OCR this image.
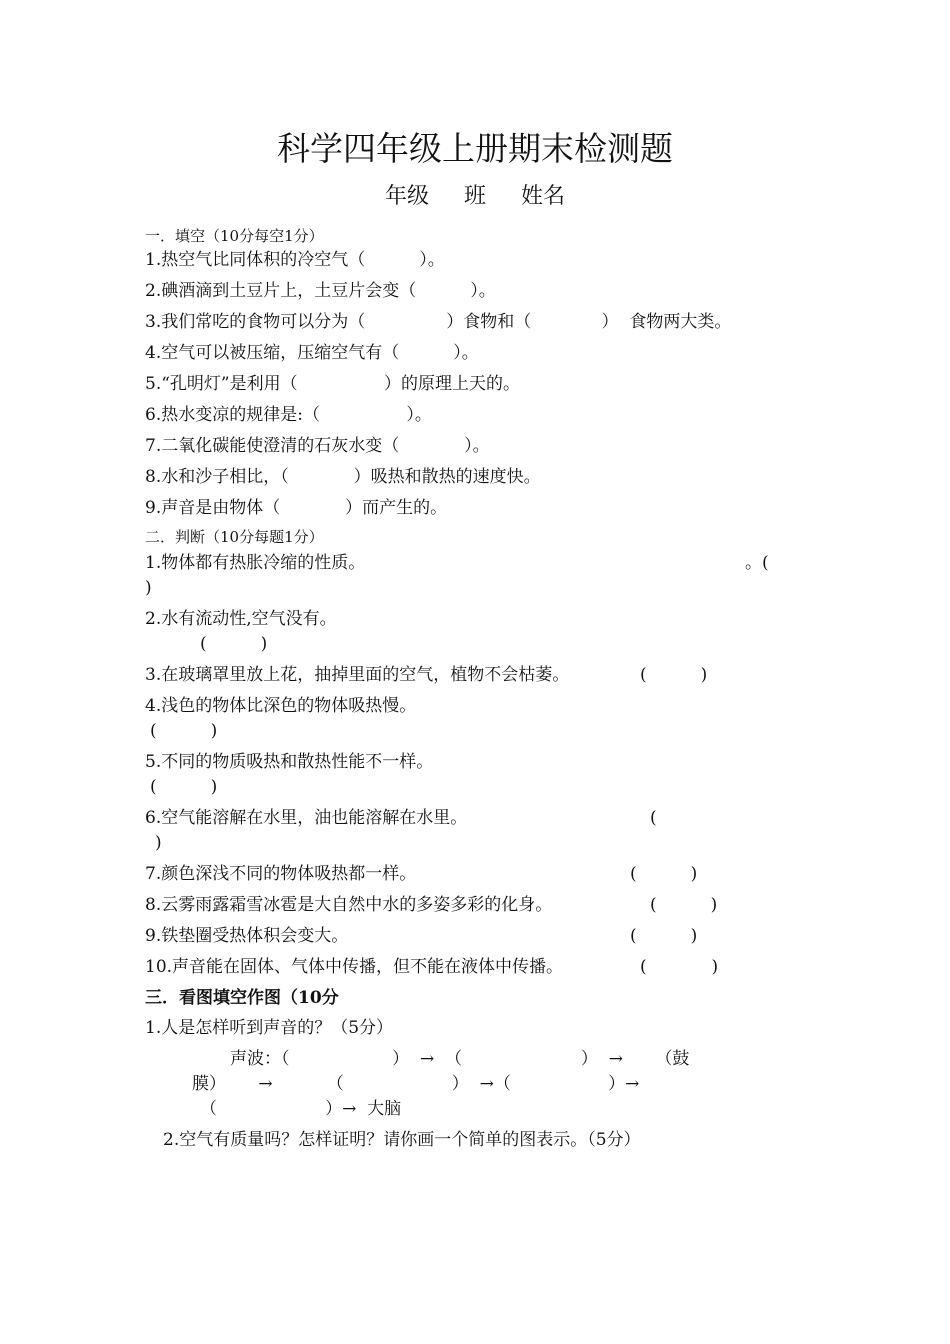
科学四年级上册期末检测题
年级     班     姓名
一．填空（10分每空1分）
1.热空气比同体积的冷空气（          ）。
2.碘酒滴到土豆片上，土豆片会变（          ）。
3.我们常吃的食物可以分为（               ）食物和（             ）  食物两大类。
4.空气可以被压缩，压缩空气有（          ）。
5.“孔明灯”是利用（                ）的原理上天的。
6.热水变凉的规律是:（                ）。
7.二氧化碳能使澄清的石灰水变（            ）。
8.水和沙子相比，（            ）吸热和散热的速度快。
9.声音是由物体（            ）而产生的。
二．判断（10分每题1分）
1.物体都有热胀冷缩的性质。	。(
)
2.水有流动性,空气没有。
(          )
3.在玻璃罩里放上花，抽掉里面的空气，植物不会枯萎。	(          )
4.浅色的物体比深色的物体吸热慢。
(          )
5.不同的物质吸热和散热性能不一样。
(          )
6.空气能溶解在水里，油也能溶解在水里。	(
)
7.颜色深浅不同的物体吸热都一样。	(          )
8.云雾雨露霜雪冰雹是大自然中水的多姿多彩的化身。	(          )
9.铁垫圈受热体积会变大。	(          )
10.声音能在固体、气体中传播，但不能在液体中传播。	(            )
三．看图填空作图（10分
1.人是怎样听到声音的？（5分）
声波：（                   ）  →  （                      ）  →      （鼓
膜）      →          （                    ）  →（                  ）→
（                    ）→  大脑
2.空气有质量吗？怎样证明？请你画一个简单的图表示。（5分）
